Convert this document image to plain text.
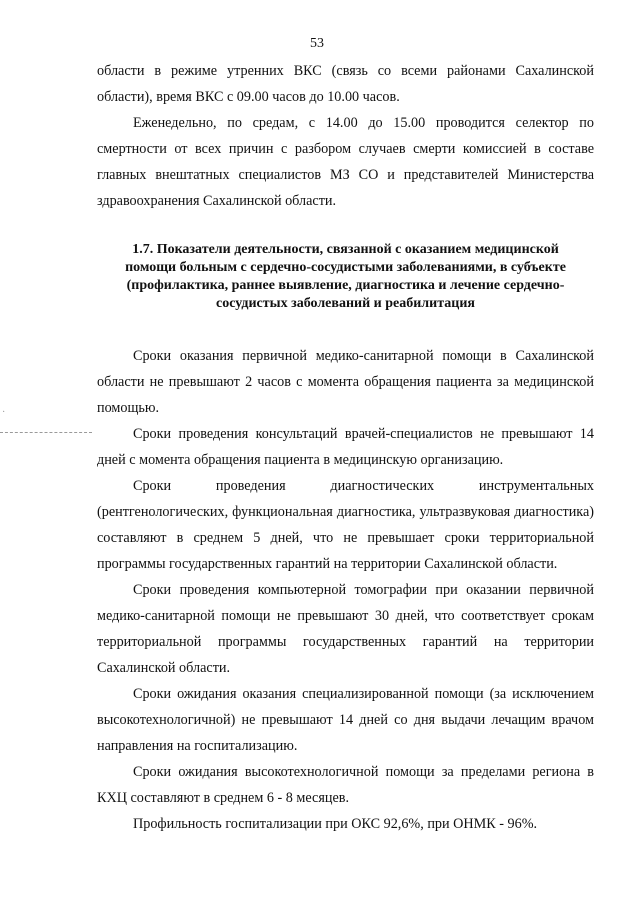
53
·

области в режиме утренних ВКС (связь со всеми районами Сахалинской области), время ВКС с 09.00 часов до 10.00 часов.

Еженедельно, по средам, с 14.00 до 15.00 проводится селектор по смертности от всех причин с разбором случаев смерти комиссией в составе главных внештатных специалистов МЗ СО и представителей Министерства здравоохранения Сахалинской области.

1.7. Показатели деятельности, связанной с оказанием медицинской
помощи больным с сердечно-сосудистыми заболеваниями, в субъекте
(профилактика, раннее выявление, диагностика и лечение сердечно-
сосудистых заболеваний и реабилитация

Сроки оказания первичной медико-санитарной помощи в Сахалинской области не превышают 2 часов с момента обращения пациента за медицинской помощью.

Сроки проведения консультаций врачей-специалистов не превышают 14 дней с момента обращения пациента в медицинскую организацию.

Сроки проведения диагностических инструментальных (рентгенологических, функциональная диагностика, ультразвуковая диагностика) составляют в среднем 5 дней, что не превышает сроки территориальной программы государственных гарантий на территории Сахалинской области.

Сроки проведения компьютерной томографии при оказании первичной медико-санитарной помощи не превышают 30 дней, что соответствует срокам территориальной программы государственных гарантий на территории Сахалинской области.

Сроки ожидания оказания специализированной помощи (за исключением высокотехнологичной) не превышают 14 дней со дня выдачи лечащим врачом направления на госпитализацию.

Сроки ожидания высокотехнологичной помощи за пределами региона в КХЦ составляют в среднем 6 - 8 месяцев.

Профильность госпитализации при ОКС 92,6%, при ОНМК - 96%.
